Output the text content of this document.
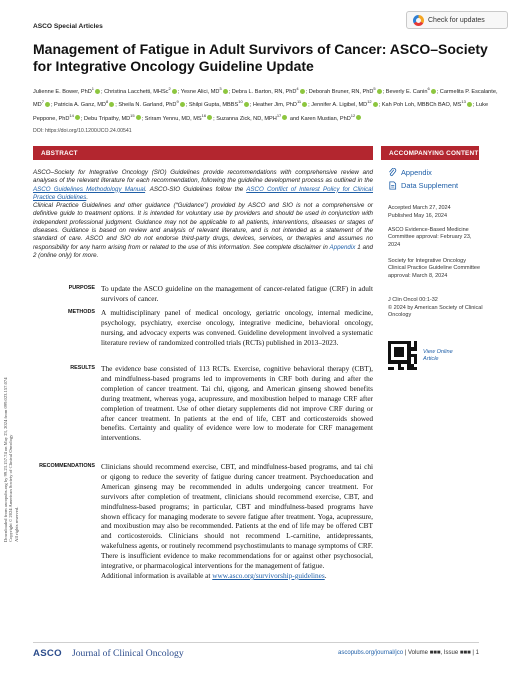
Downloaded from ascopubs.org by 99.23.157.74 on May 23, 2024 from 099.023.157.074 Copyright © 2024 American Society of Clinical Oncology All rights reserved.
ASCO Special Articles
Check for updates
Management of Fatigue in Adult Survivors of Cancer: ASCO–Society for Integrative Oncology Guideline Update
Julienne E. Bower, PhD$^1$; Christina Lacchetti, MHSc$^2$; Yesne Alici, $MD^3$; Debra L. Barton, RN, PhD$^4$; Deborah Bruner, RN, PhD$^5$; Beverly E. Canin$^6$; Carmelita P. Escalante, $MD^7$; Patricia A. Ganz, $MD^8$; Sheila N. Garland, PhD$^9$; Shilpi Gupta, MBBS$^{10}$; Heather Jim, PhD$^{11}$; Jennifer A. Ligibel, MD$^{12}$; Kah Poh Loh, MBBCh BAO, MS$^{13}$; Luke Peppone, PhD$^{14}$; Debu Tripathy, MD$^{15}$; Sriram Yennu, MD, MS$^{16}$; Suzanna Zick, ND, MPH$^{17}$ and Karen Mustian, PhD$^{12}$
DOI: https://doi.org/10.1200/JCO.24.00541
ABSTRACT	ACCOMPANYING CONTENT

ASCO–Society for Integrative Oncology (SIO) Guidelines provide recommendations with comprehensive review and analyses of the relevant literature for each recommendation, following the guideline development process as outlined in the ASCO Guidelines Methodology Manual. ASCO-SIO Guidelines follow the ASCO Conflict of Interest Policy for Clinical Practice Guidelines.

Clinical Practice Guidelines and other guidance (“Guidance”) provided by ASCO and SIO is not a comprehensive or definitive guide to treatment options. It is intended for voluntary use by providers and should be used in conjunction with independent professional judgment. Guidance may not be applicable to all patients, interventions, diseases or stages of diseases. Guidance is based on review and analysis of relevant literature, and is not intended as a statement of the standard of care. ASCO and SIO do not endorse third-party drugs, devices, services, or therapies and assumes no responsibility for any harm arising from or related to the use of this information. See complete disclaimer in Appendix 1 and 2 (online only) for more.

PURPOSE To update the ASCO guideline on the management of cancer-related fatigue (CRF) in adult survivors of cancer.
METHODS A multidisciplinary panel of medical oncology, geriatric oncology, internal medicine, psychology, psychiatry, exercise oncology, integrative medicine, behavioral oncology, nursing, and advocacy experts was convened. Guideline development involved a systematic literature review of randomized controlled trials (RCTs) published in 2013–2023.
RESULTS The evidence base consisted of 113 RCTs. Exercise, cognitive behavioral therapy (CBT), and mindfulness-based programs led to improvements in CRF both during and after the completion of cancer treatment. Tai chi, qigong, and American ginseng showed benefits during treatment, whereas yoga, acupressure, and moxibustion helped to manage CRF after completion of treatment. Use of other dietary supplements did not improve CRF during or after cancer treatment. In patients at the end of life, CBT and corticosteroids showed benefits. Certainty and quality of evidence were low to moderate for CRF management interventions.
RECOMMENDATIONS Clinicians should recommend exercise, CBT, and mindfulness-based programs, and tai chi or qigong to reduce the severity of fatigue during cancer treatment. Psychoeducation and American ginseng may be recommended in adults undergoing cancer treatment. For survivors after completion of treatment, clinicians should recommend exercise, CBT, and mindfulness-based programs; in particular, CBT and mindfulness-based programs have shown efficacy for managing moderate to severe fatigue after treatment. Yoga, acupressure, and moxibustion may also be recommended. Patients at the end of life may be offered CBT and corticosteroids. Clinicians should not recommend L-carnitine, antidepressants, wakefulness agents, or routinely recommend psychostimulants to manage symptoms of CRF. There is insufficient evidence to make recommendations for or against other psychosocial, integrative, or pharmacological interventions for the management of fatigue.
Additional information is available at www.asco.org/survivorship-guidelines.
Appendix
Data Supplement
Accepted March 27, 2024
Published May 16, 2024
ASCO Evidence-Based Medicine Committee approval: February 23, 2024
Society for Integrative Oncology Clinical Practice Guideline Committee approval: March 8, 2024
J Clin Oncol 00:1-32
© 2024 by American Society of Clinical Oncology
View Online Article
ASCO Journal of Clinical Oncology	ascopubs.org/journal/jco | Volume ■■■, Issue ■■■ | 1
